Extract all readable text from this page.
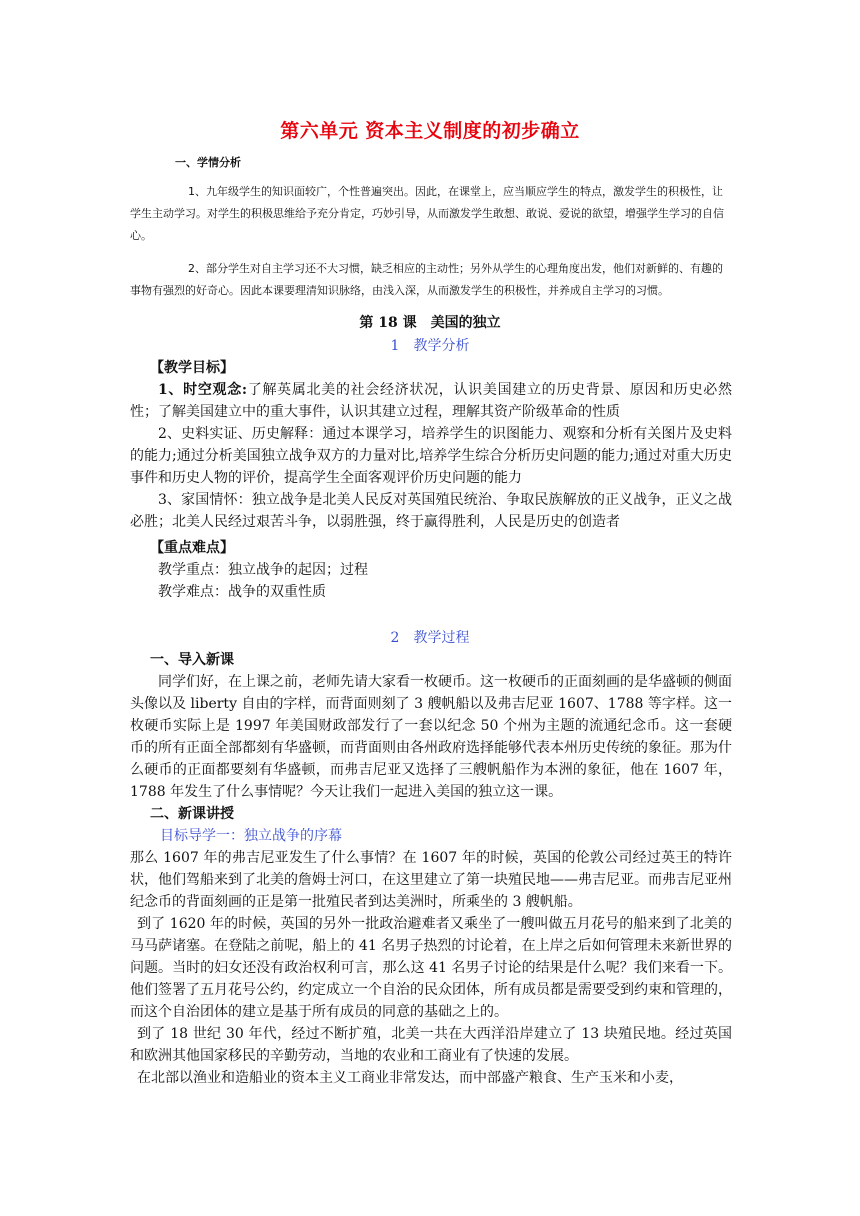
第六单元 资本主义制度的初步确立
一、学情分析

1、九年级学生的知识面较广，个性普遍突出。因此，在课堂上，应当顺应学生的特点，激发学生的积极性，让学生主动学习。对学生的积极思维给予充分肯定，巧妙引导，从而激发学生敢想、敢说、爱说的欲望，增强学生学习的自信心。

2、部分学生对自主学习还不大习惯，缺乏相应的主动性；另外从学生的心理角度出发，他们对新鲜的、有趣的事物有强烈的好奇心。因此本课要理清知识脉络，由浅入深，从而激发学生的积极性，并养成自主学习的习惯。

第 18 课　美国的独立
1　教学分析
【教学目标】

1、时空观念:了解英属北美的社会经济状况，认识美国建立的历史背景、原因和历史必然性；了解美国建立中的重大事件，认识其建立过程，理解其资产阶级革命的性质

2、史料实证、历史解释：通过本课学习，培养学生的识图能力、观察和分析有关图片及史料的能力;通过分析美国独立战争双方的力量对比,培养学生综合分析历史问题的能力;通过对重大历史事件和历史人物的评价，提高学生全面客观评价历史问题的能力

3、家国情怀：独立战争是北美人民反对英国殖民统治、争取民族解放的正义战争，正义之战必胜；北美人民经过艰苦斗争，以弱胜强，终于赢得胜利，人民是历史的创造者

【重点难点】
教学重点：独立战争的起因；过程
教学难点：战争的双重性质
2　教学过程
一、导入新课

同学们好，在上课之前，老师先请大家看一枚硬币。这一枚硬币的正面刻画的是华盛顿的侧面头像以及 liberty 自由的字样，而背面则刻了 3 艘帆船以及弗吉尼亚 1607、1788 等字样。这一枚硬币实际上是 1997 年美国财政部发行了一套以纪念 50 个州为主题的流通纪念币。这一套硬币的所有正面全部都刻有华盛顿，而背面则由各州政府选择能够代表本州历史传统的象征。那为什么硬币的正面都要刻有华盛顿，而弗吉尼亚又选择了三艘帆船作为本洲的象征，他在 1607 年，1788 年发生了什么事情呢？今天让我们一起进入美国的独立这一课。

二、新课讲授
目标导学一：独立战争的序幕

那么 1607 年的弗吉尼亚发生了什么事情？在 1607 年的时候，英国的伦敦公司经过英王的特许状，他们驾船来到了北美的詹姆士河口，在这里建立了第一块殖民地——弗吉尼亚。而弗吉尼亚州纪念币的背面刻画的正是第一批殖民者到达美洲时，所乘坐的 3 艘帆船。

到了 1620 年的时候，英国的另外一批政治避难者又乘坐了一艘叫做五月花号的船来到了北美的马马萨诸塞。在登陆之前呢，船上的 41 名男子热烈的讨论着，在上岸之后如何管理未来新世界的问题。当时的妇女还没有政治权利可言，那么这 41 名男子讨论的结果是什么呢？我们来看一下。他们签署了五月花号公约，约定成立一个自治的民众团体，所有成员都是需要受到约束和管理的，而这个自治团体的建立是基于所有成员的同意的基础之上的。

到了 18 世纪 30 年代，经过不断扩殖，北美一共在大西洋沿岸建立了 13 块殖民地。经过英国和欧洲其他国家移民的辛勤劳动，当地的农业和工商业有了快速的发展。

在北部以渔业和造船业的资本主义工商业非常发达，而中部盛产粮食、生产玉米和小麦，
